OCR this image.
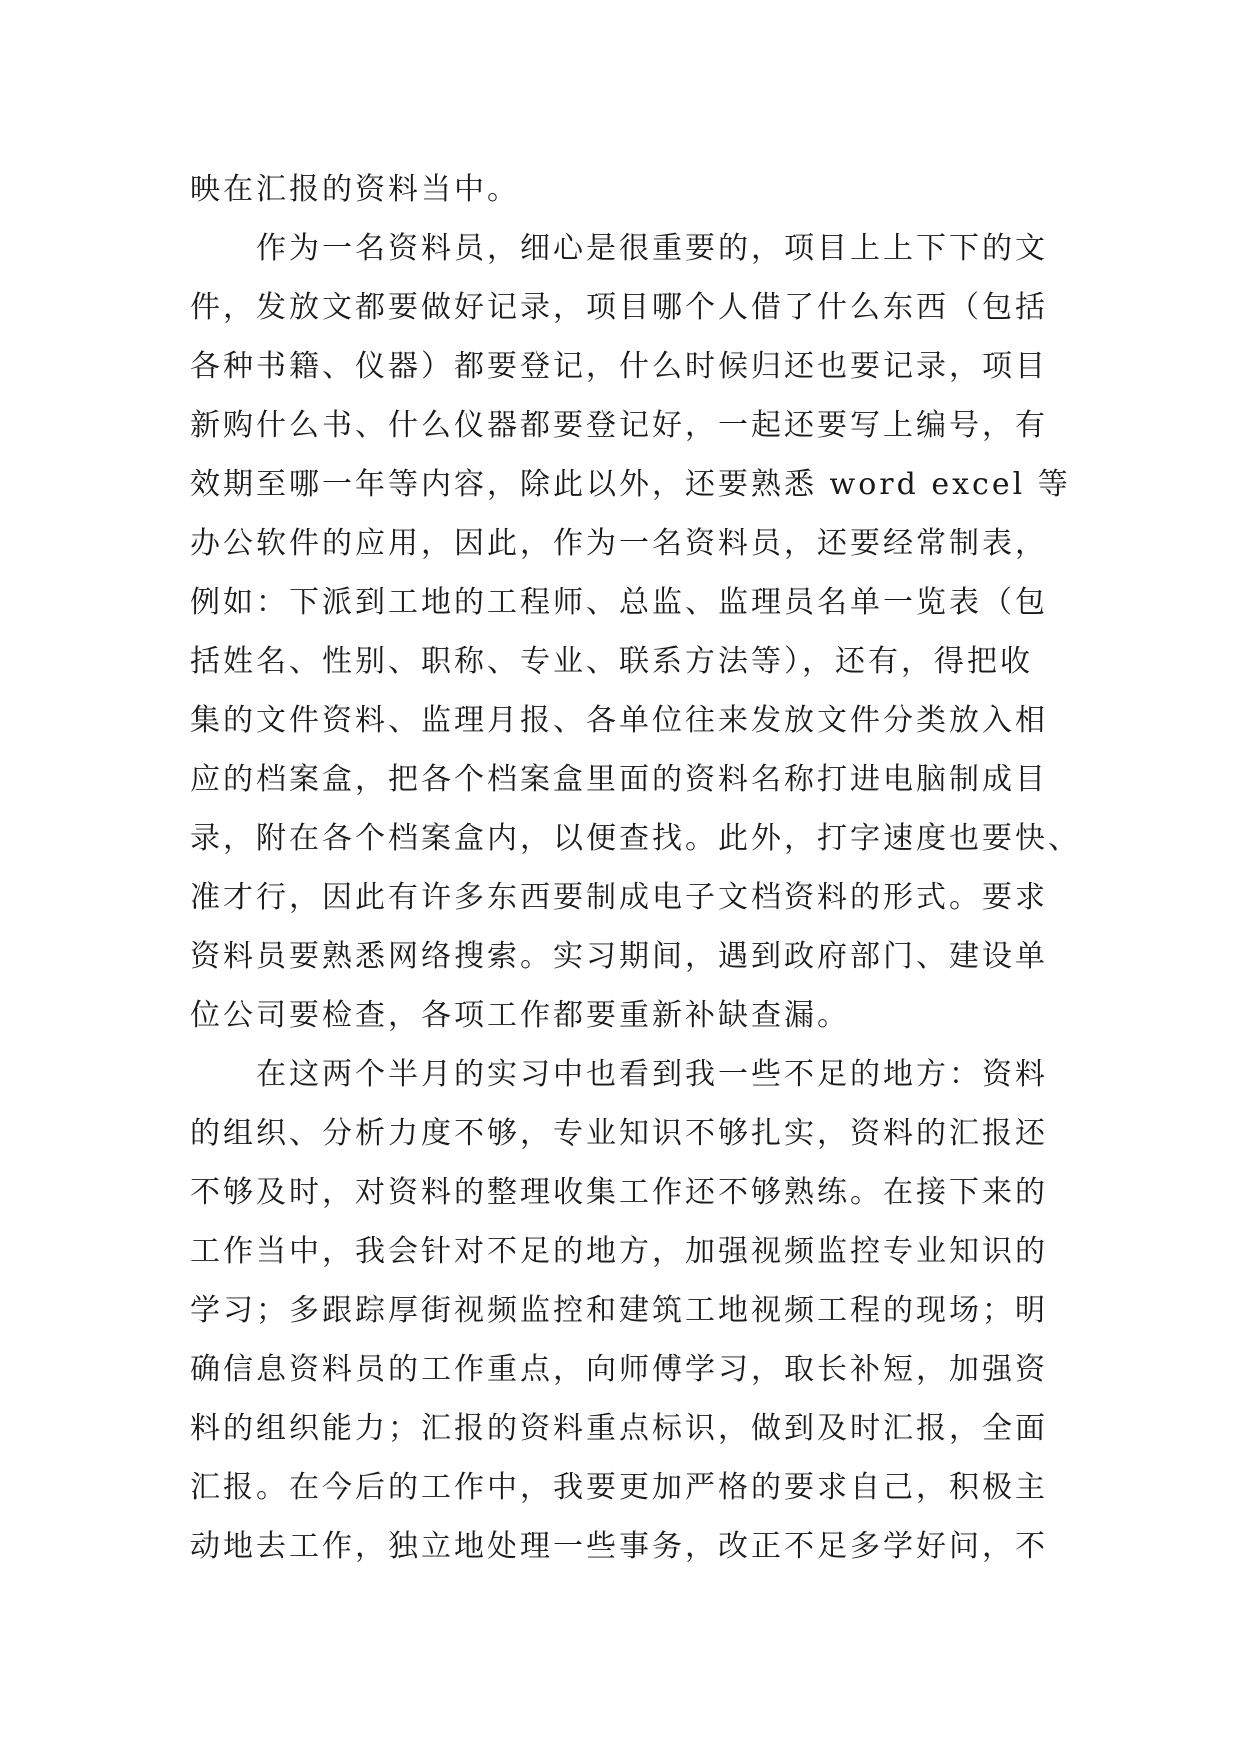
映在汇报的资料当中。
　　作为一名资料员，细心是很重要的，项目上上下下的文
件，发放文都要做好记录，项目哪个人借了什么东西（包括
各种书籍、仪器）都要登记，什么时候归还也要记录，项目
新购什么书、什么仪器都要登记好，一起还要写上编号，有
效期至哪一年等内容，除此以外，还要熟悉 word excel 等
办公软件的应用，因此，作为一名资料员，还要经常制表，
例如：下派到工地的工程师、总监、监理员名单一览表（包
括姓名、性别、职称、专业、联系方法等），还有，得把收
集的文件资料、监理月报、各单位往来发放文件分类放入相
应的档案盒，把各个档案盒里面的资料名称打进电脑制成目
录，附在各个档案盒内，以便查找。此外，打字速度也要快、
准才行，因此有许多东西要制成电子文档资料的形式。要求
资料员要熟悉网络搜索。实习期间，遇到政府部门、建设单
位公司要检查，各项工作都要重新补缺查漏。
　　在这两个半月的实习中也看到我一些不足的地方：资料
的组织、分析力度不够，专业知识不够扎实，资料的汇报还
不够及时，对资料的整理收集工作还不够熟练。在接下来的
工作当中，我会针对不足的地方，加强视频监控专业知识的
学习；多跟踪厚街视频监控和建筑工地视频工程的现场；明
确信息资料员的工作重点，向师傅学习，取长补短，加强资
料的组织能力；汇报的资料重点标识，做到及时汇报，全面
汇报。在今后的工作中，我要更加严格的要求自己，积极主
动地去工作，独立地处理一些事务，改正不足多学好问，不
